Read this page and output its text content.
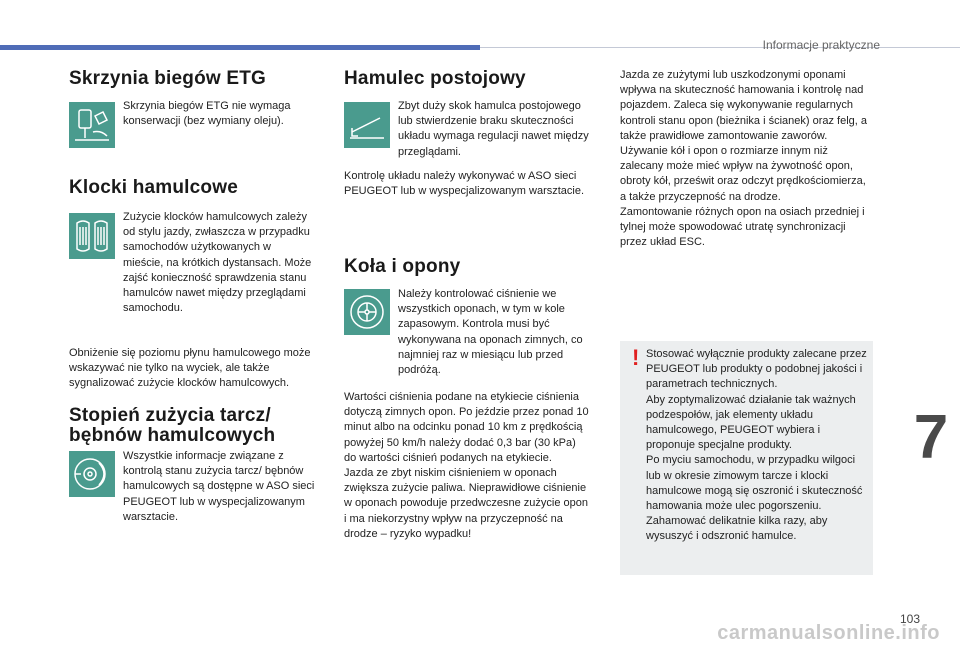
Informacje praktyczne
Skrzynia biegów ETG

Skrzynia biegów ETG nie wymaga konserwacji (bez wymiany oleju).

Klocki hamulcowe

Zużycie klocków hamulcowych zależy od stylu jazdy, zwłaszcza w przypadku samochodów użytkowanych w mieście, na krótkich dystansach. Może zajść konieczność sprawdzenia stanu hamulców nawet między przeglądami samochodu.

Obniżenie się poziomu płynu hamulcowego może wskazywać nie tylko na wyciek, ale także sygnalizować zużycie klocków hamulcowych.

Stopień zużycia tarcz/
bębnów hamulcowych

Wszystkie informacje związane z kontrolą stanu zużycia tarcz/ bębnów hamulcowych są dostępne w ASO sieci PEUGEOT lub w wyspecjalizowanym warsztacie.

Hamulec postojowy

Zbyt duży skok hamulca postojowego lub stwierdzenie braku skuteczności układu wymaga regulacji nawet między przeglądami.

Kontrolę układu należy wykonywać w ASO sieci PEUGEOT lub w wyspecjalizowanym warsztacie.

Koła i opony

Należy kontrolować ciśnienie we wszystkich oponach, w tym w kole zapasowym. Kontrola musi być wykonywana na oponach zimnych, co najmniej raz w miesiącu lub przed podróżą.

Wartości ciśnienia podane na etykiecie ciśnienia dotyczą zimnych opon. Po jeździe przez ponad 10 minut albo na odcinku ponad 10 km z prędkością powyżej 50 km/h należy dodać 0,3 bar (30 kPa) do wartości ciśnień podanych na etykiecie.
Jazda ze zbyt niskim ciśnieniem w oponach zwiększa zużycie paliwa. Nieprawidłowe ciśnienie w oponach powoduje przedwczesne zużycie opon i ma niekorzystny wpływ na przyczepność na drodze – ryzyko wypadku!

Jazda ze zużytymi lub uszkodzonymi oponami wpływa na skuteczność hamowania i kontrolę nad pojazdem. Zaleca się wykonywanie regularnych kontroli stanu opon (bieżnika i ścianek) oraz felg, a także prawidłowe zamontowanie zaworów.
Używanie kół i opon o rozmiarze innym niż zalecany może mieć wpływ na żywotność opon, obroty kół, prześwit oraz odczyt prędkościomierza, a także przyczepność na drodze.
Zamontowanie różnych opon na osiach przedniej i tylnej może spowodować utratę synchronizacji przez układ ESC.

! Stosować wyłącznie produkty zalecane przez PEUGEOT lub produkty o podobnej jakości i parametrach technicznych.
Aby zoptymalizować działanie tak ważnych podzespołów, jak elementy układu hamulcowego, PEUGEOT wybiera i proponuje specjalne produkty.
Po myciu samochodu, w przypadku wilgoci lub w okresie zimowym tarcze i klocki hamulcowe mogą się oszronić i skuteczność hamowania może ulec pogorszeniu. Zahamować delikatnie kilka razy, aby wysuszyć i odszronić hamulce.

7
103
carmanualsonline.info
